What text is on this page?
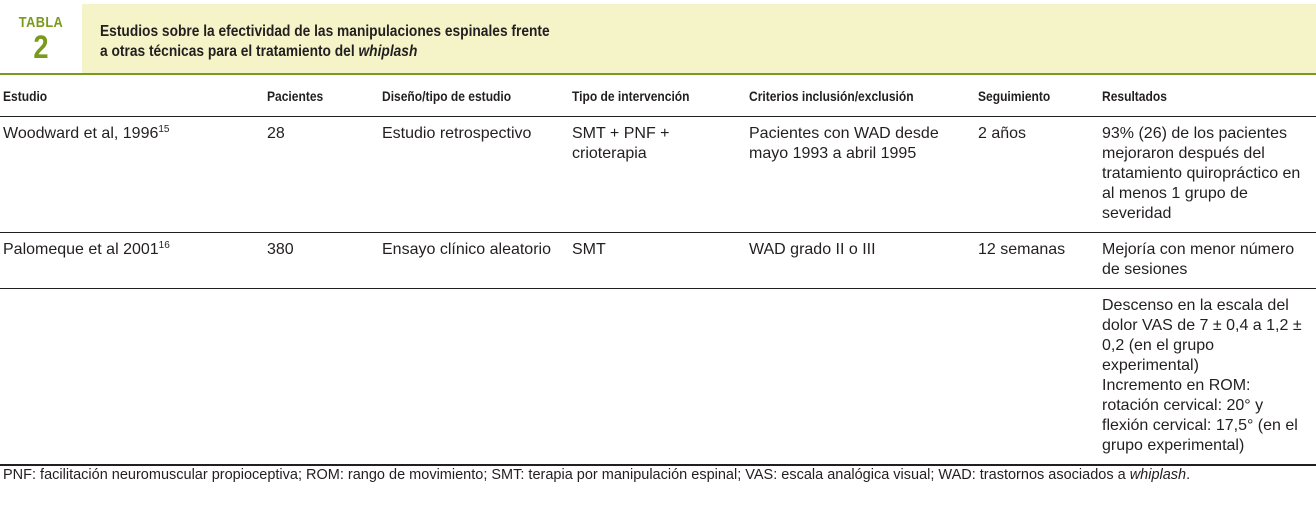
TABLA
2	Estudios sobre la efectividad de las manipulaciones espinales frente
a otras técnicas para el tratamiento del whiplash
Estudio	Pacientes	Diseño/tipo de estudio	Tipo de intervención	Criterios inclusión/exclusión	Seguimiento	Resultados
Woodward et al, 1996$^{15}$	28	Estudio retrospectivo	SMT + PNF + crioterapia	Pacientes con WAD desde mayo 1993 a abril 1995	2 años	93% (26) de los pacientes mejoraron después del tratamiento quiropráctico en al menos 1 grupo de severidad
Palomeque et al 2001$^{16}$	380	Ensayo clínico aleatorio	SMT	WAD grado II o III	12 semanas	Mejoría con menor número de sesiones
						Descenso en la escala del dolor VAS de 7 ± 0,4 a 1,2 ± 0,2 (en el grupo experimental)
Incremento en ROM: rotación cervical: 20° y flexión cervical: 17,5° (en el grupo experimental)
PNF: facilitación neuromuscular propioceptiva; ROM: rango de movimiento; SMT: terapia por manipulación espinal; VAS: escala analógica visual; WAD: trastornos asociados a whiplash.
